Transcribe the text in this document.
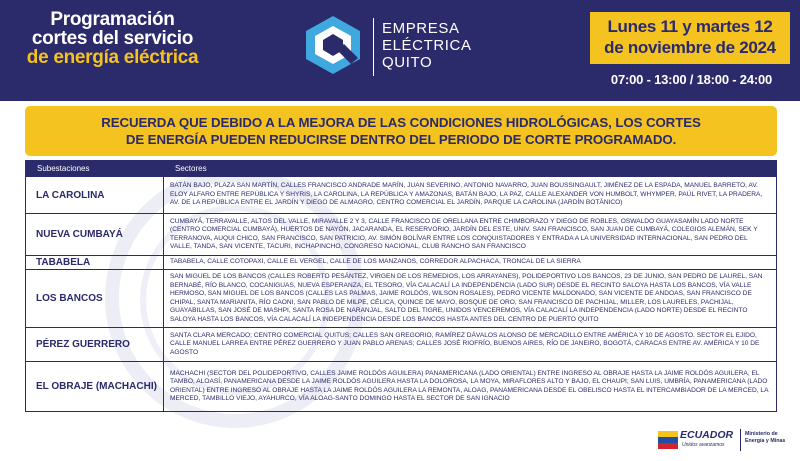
Programación
cortes del servicio
de energía eléctrica
EMPRESA
ELÉCTRICA
QUITO
Lunes 11 y martes 12
de noviembre de 2024
07:00 - 13:00 / 18:00 - 24:00
RECUERDA QUE DEBIDO A LA MEJORA DE LAS CONDICIONES HIDROLÓGICAS, LOS CORTES
DE ENERGÍA PUEDEN REDUCIRSE DENTRO DEL PERIODO DE CORTE PROGRAMADO.
Subestaciones	Sectores
LA CAROLINA

BATÁN BAJO, PLAZA SAN MARTÍN, CALLES FRANCISCO ANDRADE MARÍN, JUAN SEVERINO, ANTONIO NAVARRO, JUAN BOUSSINGAULT, JIMÉNEZ DE LA ESPADA, MANUEL BARRETO, AV. ELOY ALFARO ENTRE REPÚBLICA Y SHYRIS, LA CAROLINA, LA REPÚBLICA Y AMAZONAS, BATÁN BAJO, LA PAZ, CALLE ALEXANDER VON HUMBOLT, WHYMPER, PAÚL RIVET, LA PRADERA, AV. DE LA REPÚBLICA ENTRE EL JARDÍN Y DIEGO DE ALMAGRO, CENTRO COMERCIAL EL JARDÍN, PARQUE LA CAROLINA (JARDÍN BOTÁNICO)

NUEVA CUMBAYÁ

CUMBAYÁ, TERRAVALLE, ALTOS DEL VALLE, MIRAVALLE 2 Y 3, CALLE FRANCISCO DE ORELLANA ENTRE CHIMBORAZO Y DIEGO DE ROBLES, OSWALDO GUAYASAMÍN LADO NORTE (CENTRO COMERCIAL CUMBAYÁ), HUERTOS DE NAYÓN, JACARANDA, EL RESERVORIO, JARDÍN DEL ESTE, UNIV. SAN FRANCISCO, SAN JUAN DE CUMBAYÁ, COLEGIOS ALEMÁN, SEK Y TERRANOVA, AUQUI CHICO, SAN FRANCISCO, SAN PATRICIO, AV. SIMÓN BOLÍVAR ENTRE LOS CONQUISTADORES Y ENTRADA A LA UNIVERSIDAD INTERNACIONAL, SAN PEDRO DEL VALLE, TANDA, SAN VICENTE, TACURI, INCHAPINCHO, CONGRESO NACIONAL, CLUB RANCHO SAN FRANCISCO

TABABELA	TABABELA, CALLE COTOPAXI, CALLE EL VERGEL, CALLE DE LOS MANZANOS, CORREDOR ALPACHACA, TRONCAL DE LA SIERRA

LOS BANCOS

SAN MIGUEL DE LOS BANCOS (CALLES ROBERTO PESÁNTEZ, VIRGEN DE LOS REMEDIOS, LOS ARRAYANES), POLIDEPORTIVO LOS BANCOS, 23 DE JUNIO, SAN PEDRO DE LAUREL, SAN BERNABÉ, RÍO BLANCO, COCANIGUAS, NUEVA ESPERANZA, EL TESORO, VÍA CALACALÍ LA INDEPENDENCIA (LADO SUR) DESDE EL RECINTO SALOYA HASTA LOS BANCOS, VÍA VALLE HERMOSO, SAN MIGUEL DE LOS BANCOS (CALLES LAS PALMAS, JAIME ROLDÓS, WILSON ROSALES), PEDRO VICENTE MALDONADO, SAN VICENTE DE ANDOAS, SAN FRANCISCO DE CHIPAL, SANTA MARIANITA, RÍO CAONI, SAN PABLO DE MILPE, CÉLICA, QUINCE DE MAYO, BOSQUE DE ORO, SAN FRANCISCO DE PACHIJAL, MILLER, LOS LAURELES, PACHIJAL, GUAYABILLAS, SAN JOSÉ DE MASHPI, SANTA ROSA DE NARANJAL, SALTO DEL TIGRE, UNIDOS VENCEREMOS, VÍA CALACALÍ LA INDEPENDENCIA (LADO NORTE) DESDE EL RECINTO SALOYA HASTA LOS BANCOS, VÍA CALACALÍ LA INDEPENDENCIA DESDE LOS BANCOS HASTA ANTES DEL CENTRO DE PUERTO QUITO

PÉREZ GUERRERO

SANTA CLARA MERCADO; CENTRO COMERCIAL QUITUS; CALLES SAN GREGORIO, RAMÍREZ DÁVALOS ALONSO DE MERCADILLO ENTRE AMÉRICA Y 10 DE AGOSTO. SECTOR EL EJIDO, CALLE MANUEL LARREA ENTRE PÉREZ GUERRERO Y JUAN PABLO ARENAS; CALLES JOSÉ RIOFRÍO, BUENOS AIRES, RÍO DE JANEIRO, BOGOTÁ, CARACAS ENTRE AV. AMÉRICA Y 10 DE AGOSTO

EL OBRAJE (MACHACHI)

MACHACHI (SECTOR DEL POLIDEPORTIVO, CALLES JAIME ROLDÓS AGUILERA) PANAMERICANA (LADO ORIENTAL) ENTRE INGRESO AL OBRAJE HASTA LA JAIME ROLDÓS AGUILERA, EL TAMBO, ALOASÍ, PANAMERICANA DESDE LA JAIME ROLDÓS AGUILERA HASTA LA DOLOROSA, LA MOYA, MIRAFLORES ALTO Y BAJO, EL CHAUPI; SAN LUIS, UMBRÍA, PANAMERICANA (LADO ORIENTAL) ENTRE INGRESO AL OBRAJE HASTA LA JAIME ROLDÓS AGUILERA LA REMONTA, ALOAG, PANAMERICANA DESDE EL OBELISCO HASTA EL INTERCAMBIADOR DE LA MERCED, LA MERCED, TAMBILLO VIEJO, AYAHURCO, VÍA ALOAG-SANTO DOMINGO HASTA EL SECTOR DE SAN IGNACIO

ECUADOR
Unidos avanzamos
Ministerio de
Energía y Minas
